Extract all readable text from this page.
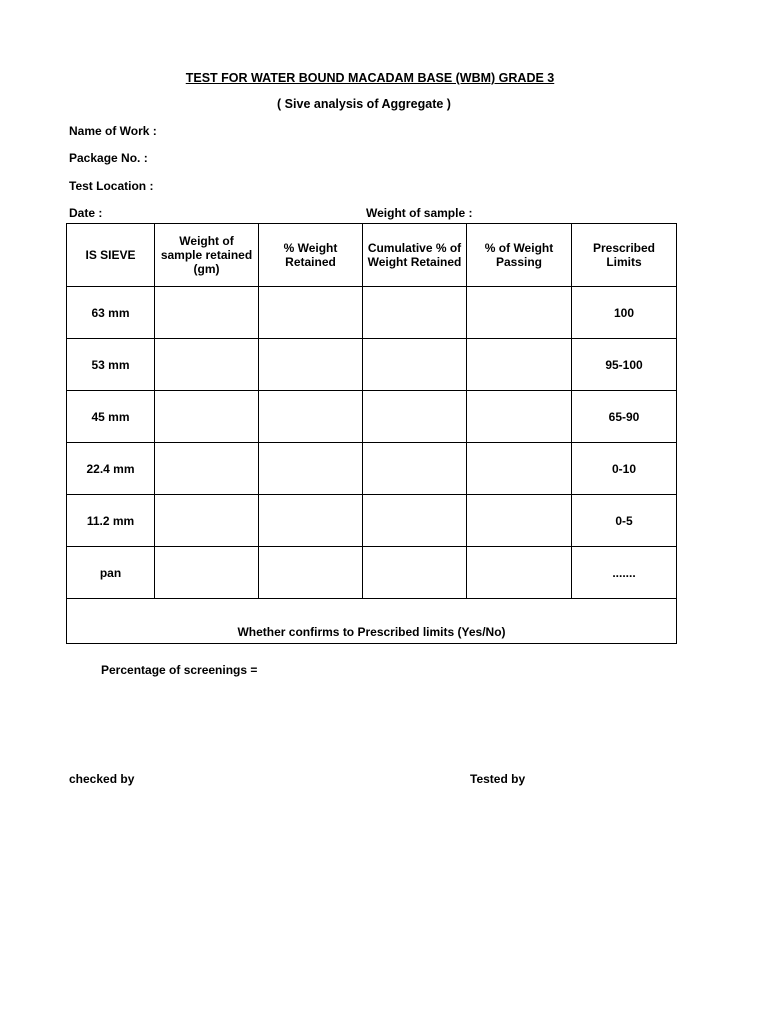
TEST FOR WATER BOUND MACADAM BASE (WBM) GRADE 3
( Sive analysis of Aggregate )
Name of Work :
Package No. :
Test Location :
Date :	Weight of sample :
IS SIEVE	Weight of sample retained (gm)	% Weight Retained	Cumulative % of Weight Retained	% of Weight Passing	Prescribed Limits
63 mm					100
53 mm					95-100
45 mm					65-90
22.4 mm					0-10
11.2 mm					0-5
pan					.......
Whether confirms to Prescribed limits (Yes/No)					
Percentage of screenings =
checked by	Tested by
